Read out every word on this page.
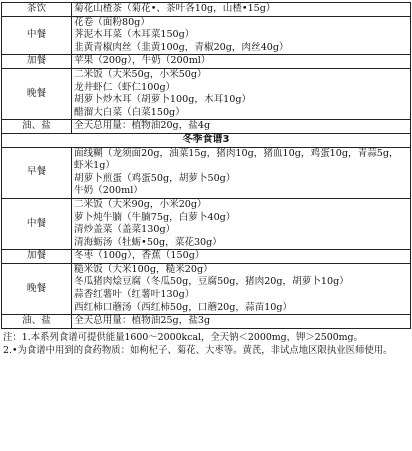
茶饮	菊花山楂茶（菊花•、茶叶各10g，山楂•15g）

中餐	花卷（面粉80g）
荠泥木耳菜（木耳菜150g）
韭黄青椒肉丝（韭黄100g，青椒20g，肉丝40g）

加餐	苹果（200g），牛奶（200ml）

晚餐	二米饭（大米50g，小米50g）
龙井虾仁（虾仁100g）
胡萝卜炒木耳（胡萝卜100g，木耳10g）
醋溜大白菜（白菜150g）

油、盐	全天总用量：植物油20g，盐4g

冬季食谱3	
早餐	面线糊（龙须面20g，油菜15g，猪肉10g，猪血10g，鸡蛋10g，青蒜5g，虾米1g）
胡萝卜煎蛋（鸡蛋50g，胡萝卜50g）
牛奶（200ml）

中餐	二米饭（大米90g，小米20g）
萝卜炖牛腩（牛腩75g，白萝卜40g）
清炒盖菜（盖菜130g）
清海蛎汤（牡蛎•50g，菜花30g）

加餐	冬枣（100g），香蕉（150g）

晚餐	糙米饭（大米100g，糙米20g）
冬瓜猪肉烩豆腐（冬瓜50g，豆腐50g，猪肉20g，胡萝卜10g）
蒜香红薯叶（红薯叶130g）
西红柿口蘑汤（西红柿50g，口蘑20g，蒜苗10g）

油、盐	全天总用量：植物油25g，盐3g
注：1.本系列食谱可提供能量1600～2000kcal，全天钠＜2000mg，钾＞2500mg。
2.•为食谱中用到的食药物质：如枸杞子、菊花、大枣等。黄芪，非试点地区限执业医师使用。
